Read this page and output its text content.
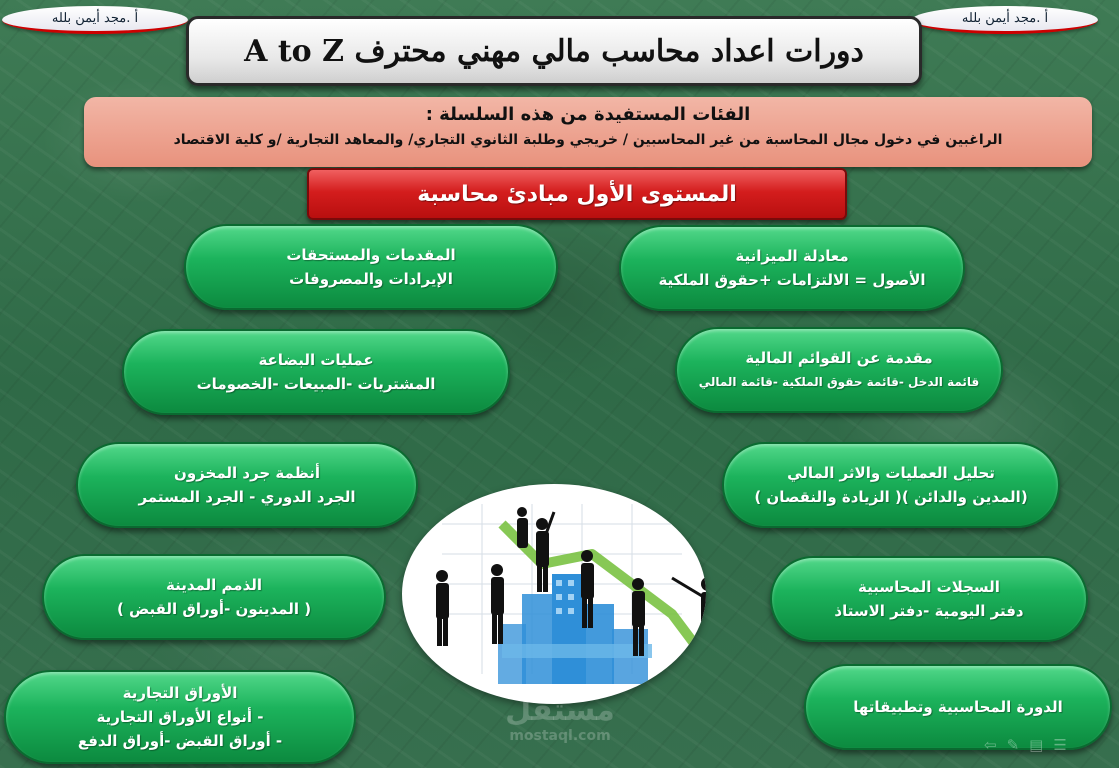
أ .مجد أيمن بلله	أ .مجد أيمن بلله
دورات اعداد محاسب مالي مهني محترف A to Z
الفئات المستفيدة من هذه السلسلة :
الراغبين في دخول مجال المحاسبة من غير المحاسبين / خريجي وطلبة الثانوي التجاري/ والمعاهد التجارية /و كلية الاقتصاد
المستوى الأول مبادئ محاسبة
معادلة الميزانية
الأصول = الالتزامات +حقوق الملكية
مقدمة عن القوائم المالية
قائمة الدخل -قائمة حقوق الملكية -قائمة المالي
تحليل العمليات والاثر المالي
(المدين والدائن )( الزيادة والنقصان )
السجلات المحاسبية
دفتر اليومية -دفتر الاستاذ
الدورة المحاسبية وتطبيقاتها
المقدمات والمستحقات
الإيرادات والمصروفات
عمليات البضاعة
المشتريات -المبيعات -الخصومات
أنظمة جرد المخزون
الجرد الدوري - الجرد المستمر
الذمم المدينة
( المدينون -أوراق القبض )
الأوراق التجارية
- أنواع الأوراق التجارية
- أوراق القبض -أوراق الدفع
مستقل
mostaql.com	⇦ ✎ ▤ ☰
